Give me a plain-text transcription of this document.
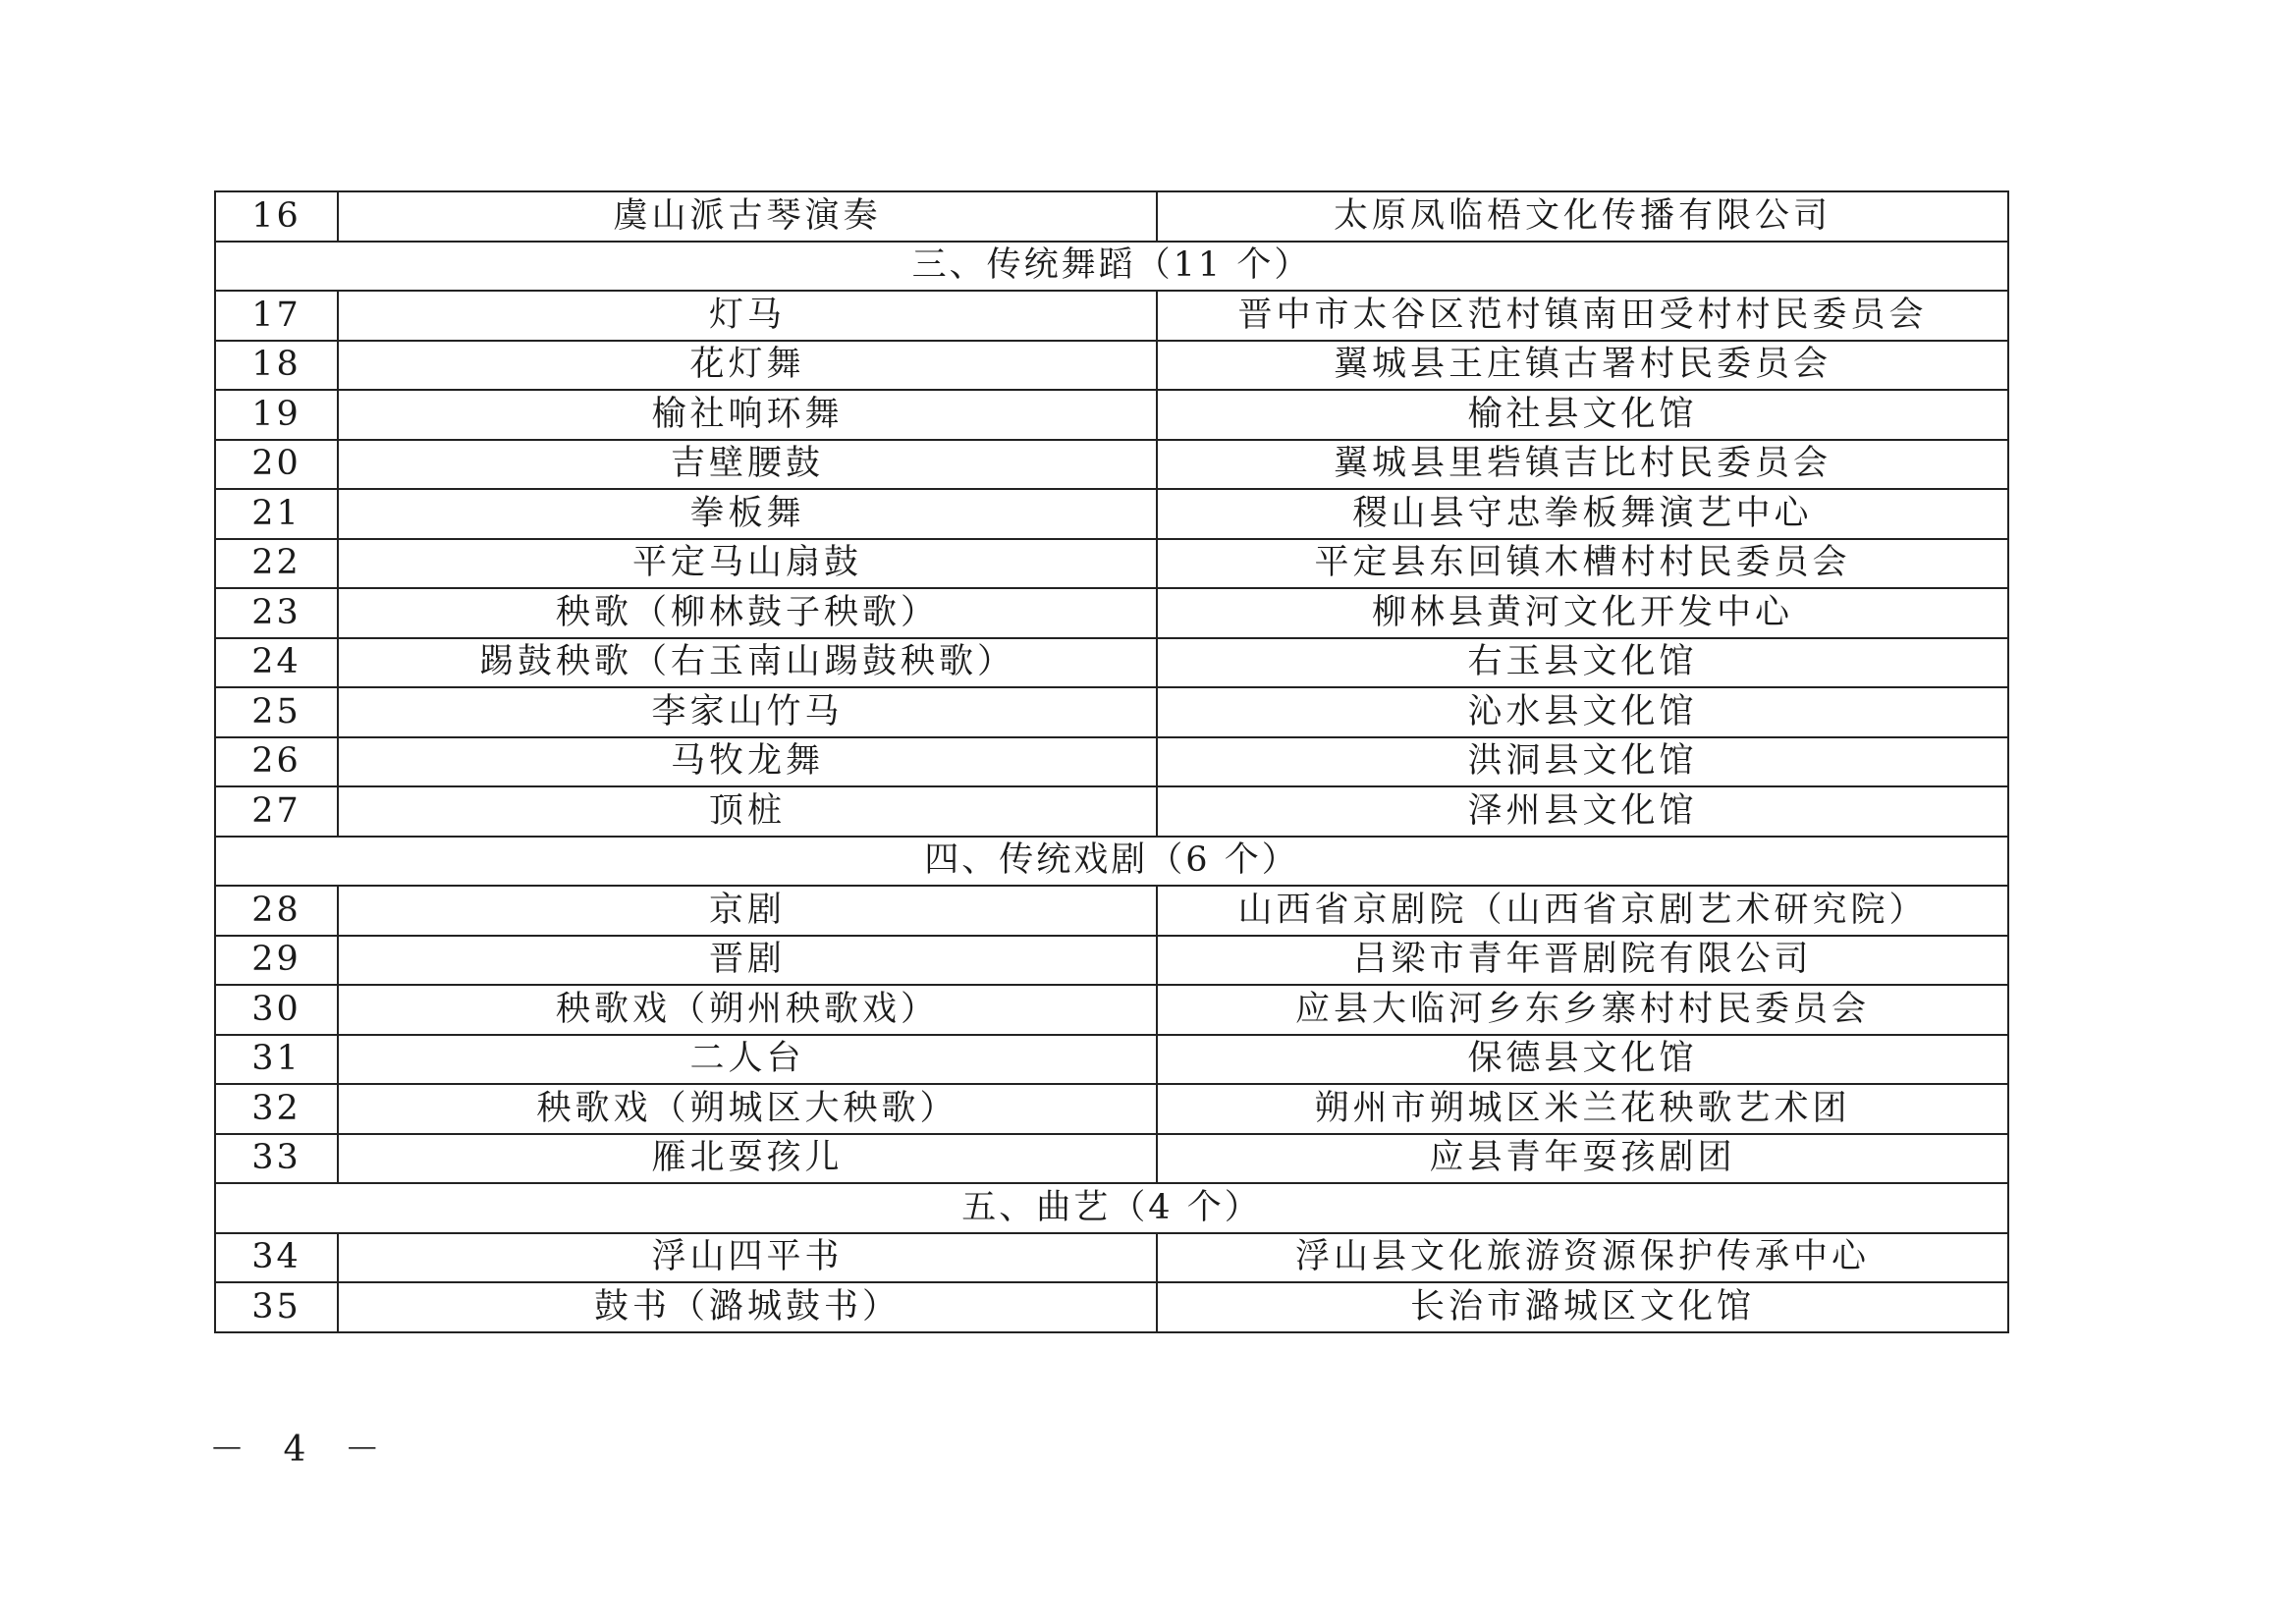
16	虞山派古琴演奏	太原凤临梧文化传播有限公司
三、传统舞蹈（11 个）		
17	灯马	晋中市太谷区范村镇南田受村村民委员会
18	花灯舞	翼城县王庄镇古署村民委员会
19	榆社响环舞	榆社县文化馆
20	吉壁腰鼓	翼城县里砦镇吉比村民委员会
21	拳板舞	稷山县守忠拳板舞演艺中心
22	平定马山扇鼓	平定县东回镇木槽村村民委员会
23	秧歌（柳林鼓子秧歌）	柳林县黄河文化开发中心
24	踢鼓秧歌（右玉南山踢鼓秧歌）	右玉县文化馆
25	李家山竹马	沁水县文化馆
26	马牧龙舞	洪洞县文化馆
27	顶桩	泽州县文化馆
四、传统戏剧（6 个）		
28	京剧	山西省京剧院（山西省京剧艺术研究院）
29	晋剧	吕梁市青年晋剧院有限公司
30	秧歌戏（朔州秧歌戏）	应县大临河乡东乡寨村村民委员会
31	二人台	保德县文化馆
32	秧歌戏（朔城区大秧歌）	朔州市朔城区米兰花秧歌艺术团
33	雁北耍孩儿	应县青年耍孩剧团
五、曲艺（4 个）		
34	浮山四平书	浮山县文化旅游资源保护传承中心
35	鼓书（潞城鼓书）	长治市潞城区文化馆
－ 4 －
